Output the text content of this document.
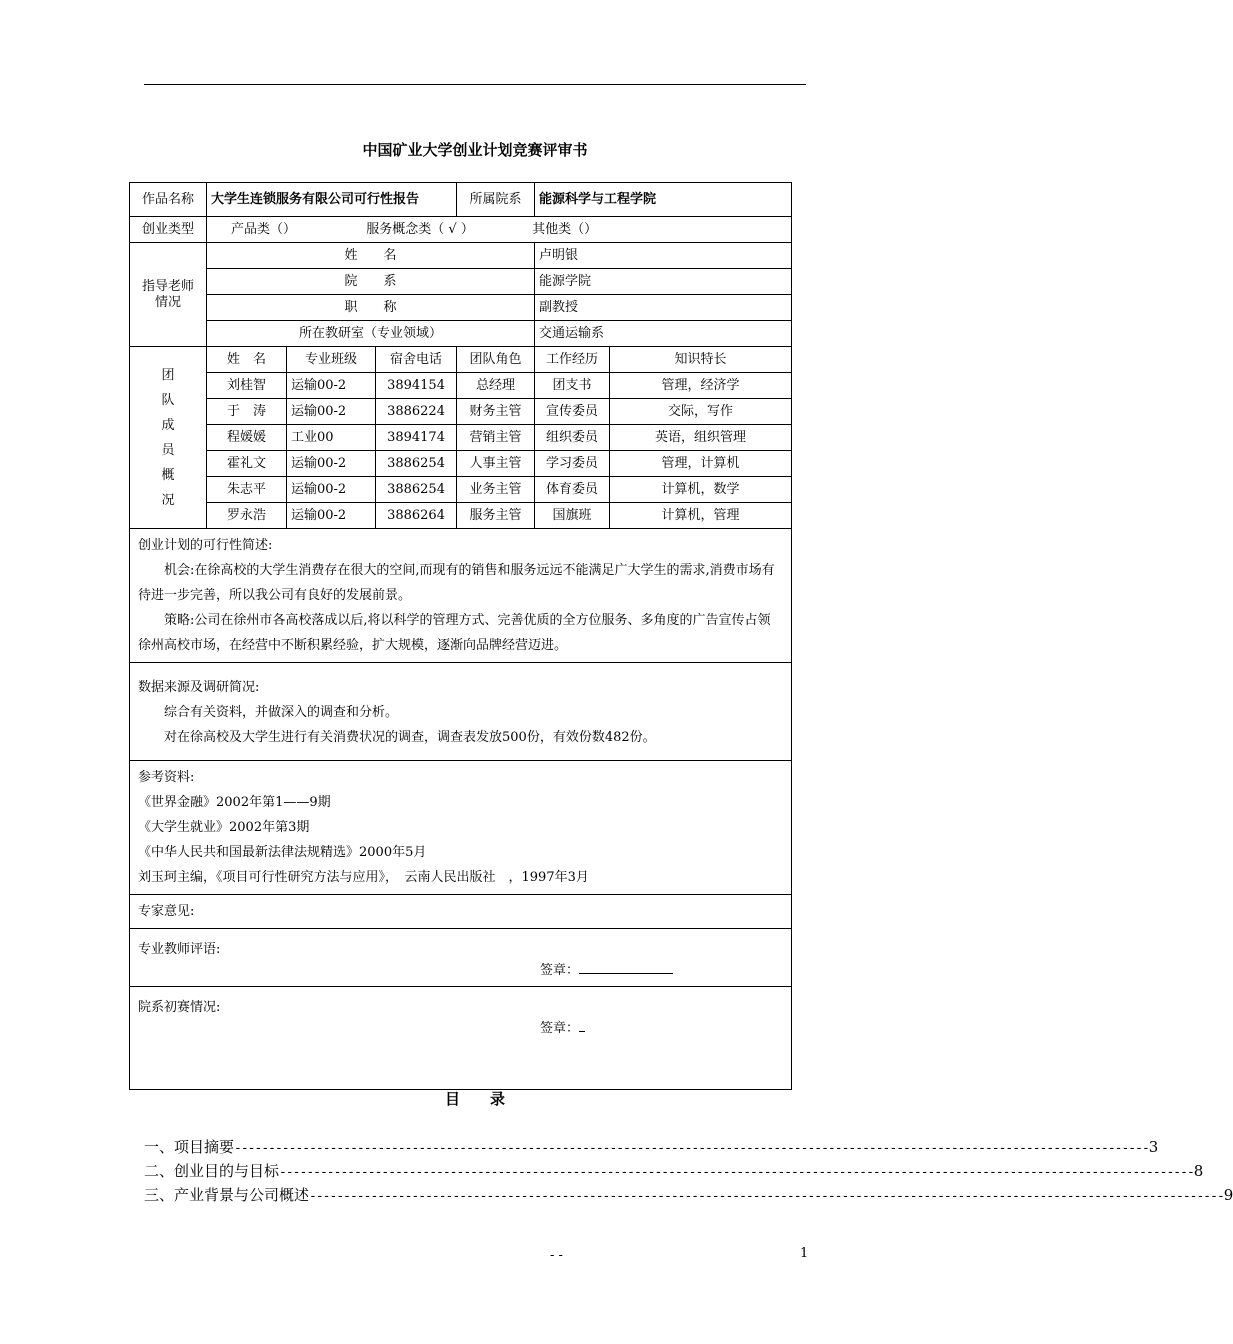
中国矿业大学创业计划竞赛评审书
作品名称	大学生连锁服务有限公司可行性报告			所属院系	能源科学与工程学院	
创业类型	产品类（） 服务概念类（ √ ） 其他类（）					
指导老师情况	姓　　名				卢明银	
	院　　系				能源学院	
	职　　称				副教授	
	所在教研室（专业领域）				交通运输系	
团队成员概况	姓　名	专业班级	宿舍电话	团队角色	工作经历	知识特长
	刘桂智	运输00-2	3894154	总经理	团支书	管理，经济学
	于　涛	运输00-2	3886224	财务主管	宣传委员	交际，写作
	程媛媛	工业00	3894174	营销主管	组织委员	英语，组织管理
	霍礼文	运输00-2	3886254	人事主管	学习委员	管理，计算机
	朱志平	运输00-2	3886254	业务主管	体育委员	计算机，数学
	罗永浩	运输00-2	3886264	服务主管	国旗班	计算机，管理

创业计划的可行性简述:

机会:在徐高校的大学生消费存在很大的空间,而现有的销售和服务远远不能满足广大学生的需求,消费市场有待进一步完善，所以我公司有良好的发展前景。

策略:公司在徐州市各高校落成以后,将以科学的管理方式、完善优质的全方位服务、多角度的广告宣传占领徐州高校市场，在经营中不断积累经验，扩大规模，逐渐向品牌经营迈进。						

数据来源及调研简况:

综合有关资料，并做深入的调查和分析。

对在徐高校及大学生进行有关消费状况的调查，调查表发放500份，有效份数482份。						

参考资料:

《世界金融》2002年第1——9期

《大学生就业》2002年第3期

《中华人民共和国最新法律法规精选》2000年5月

刘玉珂主编，《项目可行性研究方法与应用》，　云南人民出版社　，1997年3月						

专家意见:						

专业教师评语:

签章：						

院系初赛情况:

签章：						
目　　录
一、项目摘要 -------------------------------------------------------------------------------------------------------------------------------------- 3
二、创业目的与目标 -------------------------------------------------------------------------------------------------------------------------------------- 8
三、产业背景与公司概述 -------------------------------------------------------------------------------------------------------------------------------------- 9
- -	1
